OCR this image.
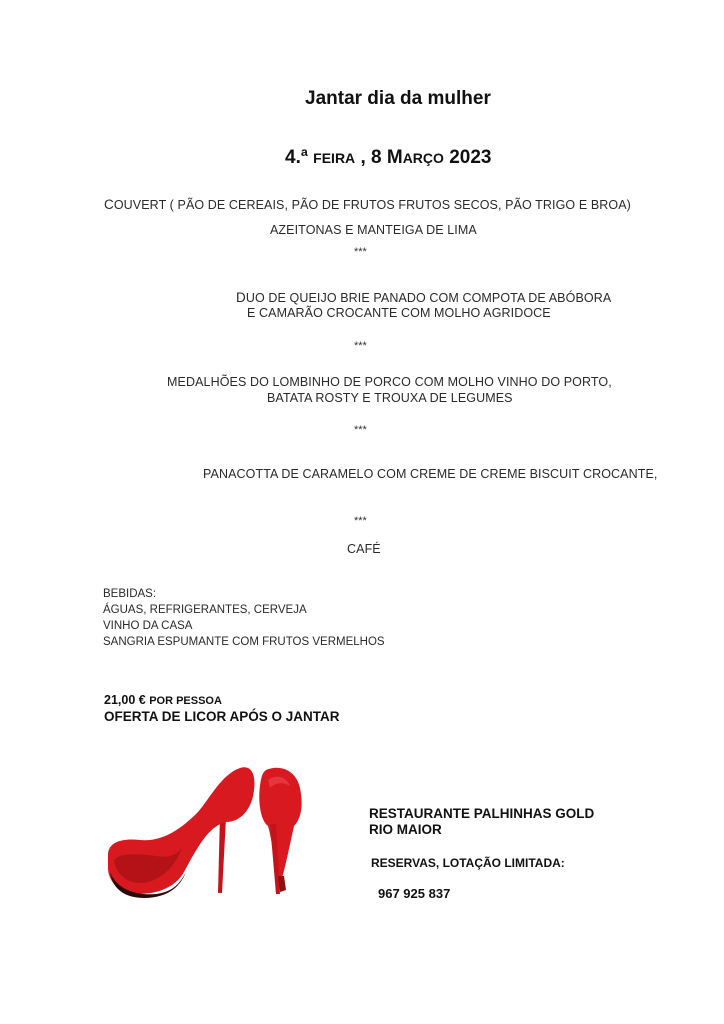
Jantar dia da mulher
4.ª FEIRA , 8 MARÇO 2023
COUVERT ( PÃO DE CEREAIS, PÃO DE FRUTOS FRUTOS SECOS, PÃO TRIGO E BROA)
AZEITONAS E MANTEIGA DE LIMA
***
DUO DE QUEIJO BRIE PANADO COM COMPOTA DE ABÓBORA
E CAMARÃO CROCANTE COM MOLHO AGRIDOCE
***
MEDALHÕES DO LOMBINHO DE PORCO COM MOLHO VINHO DO PORTO,
BATATA ROSTY E TROUXA DE LEGUMES
***
PANACOTTA DE CARAMELO COM CREME DE CREME BISCUIT CROCANTE,
***
CAFÉ
BEBIDAS:
ÁGUAS, REFRIGERANTES, CERVEJA
VINHO DA CASA
SANGRIA ESPUMANTE COM FRUTOS VERMELHOS
21,00 € POR PESSOA
OFERTA DE LICOR APÓS O JANTAR
RESTAURANTE PALHINHAS GOLD
RIO MAIOR
RESERVAS, LOTAÇÃO LIMITADA:
967 925 837
